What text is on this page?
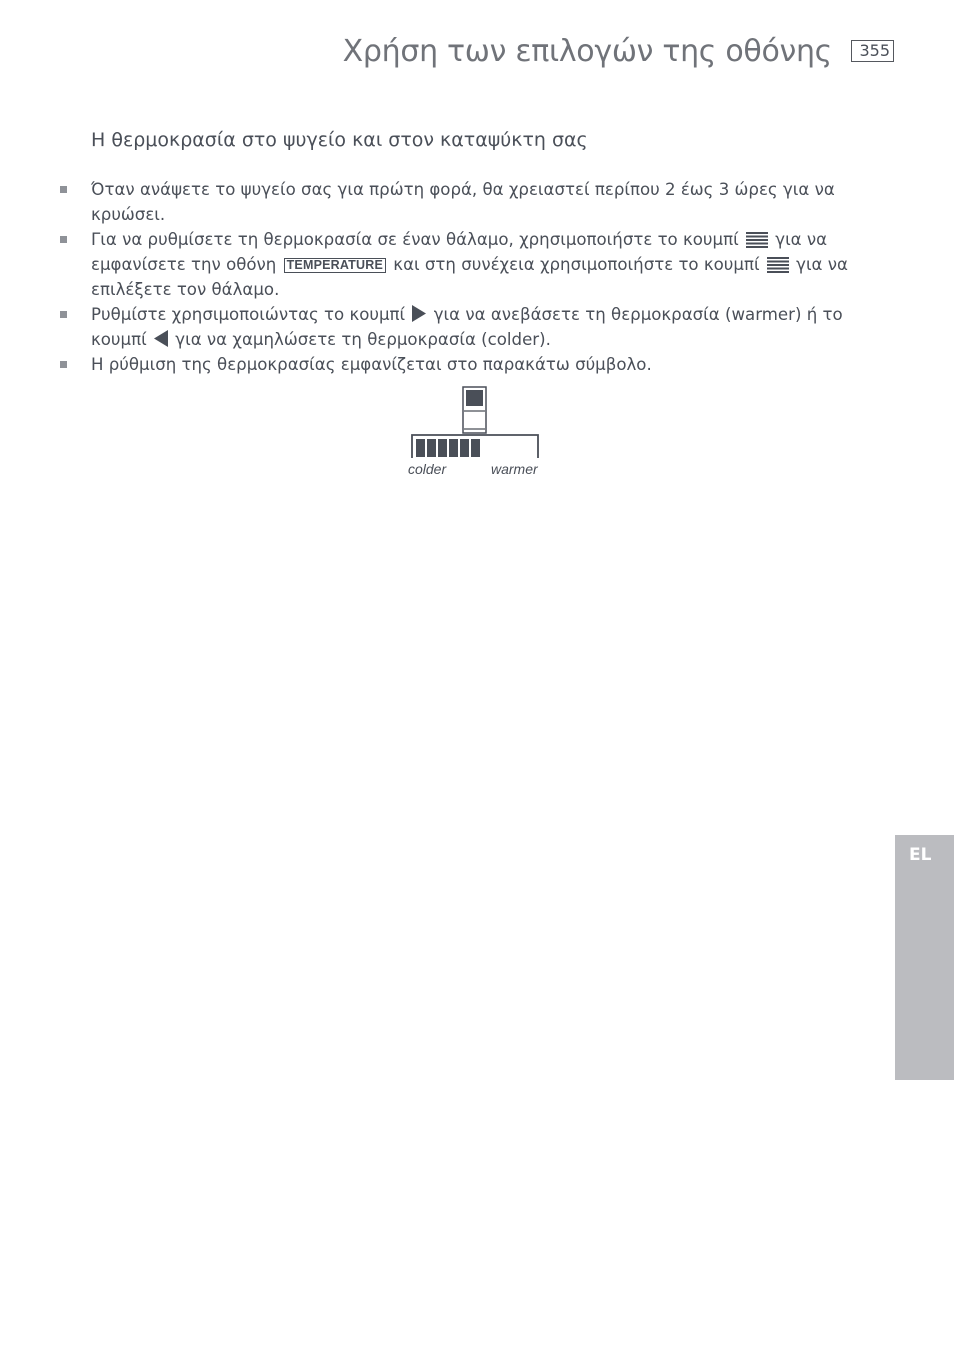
Χρήση των επιλογών της οθόνης	355
Η θερμοκρασία στο ψυγείο και στον καταψύκτη σας
Όταν ανάψετε το ψυγείο σας για πρώτη φορά, θα χρειαστεί περίπου 2 έως 3 ώρες για να κρυώσει.
Για να ρυθμίσετε τη θερμοκρασία σε έναν θάλαμο, χρησιμοποιήστε το κουμπί για να εμφανίσετε την οθόνη TEMPERATURE και στη συνέχεια χρησιμοποιήστε το κουμπί για να επιλέξετε τον θάλαμο.
Ρυθμίστε χρησιμοποιώντας το κουμπί για να ανεβάσετε τη θερμοκρασία (warmer) ή το κουμπί για να χαμηλώσετε τη θερμοκρασία (colder).
Η ρύθμιση της θερμοκρασίας εμφανίζεται στο παρακάτω σύμβολο.
colder	warmer
EL
